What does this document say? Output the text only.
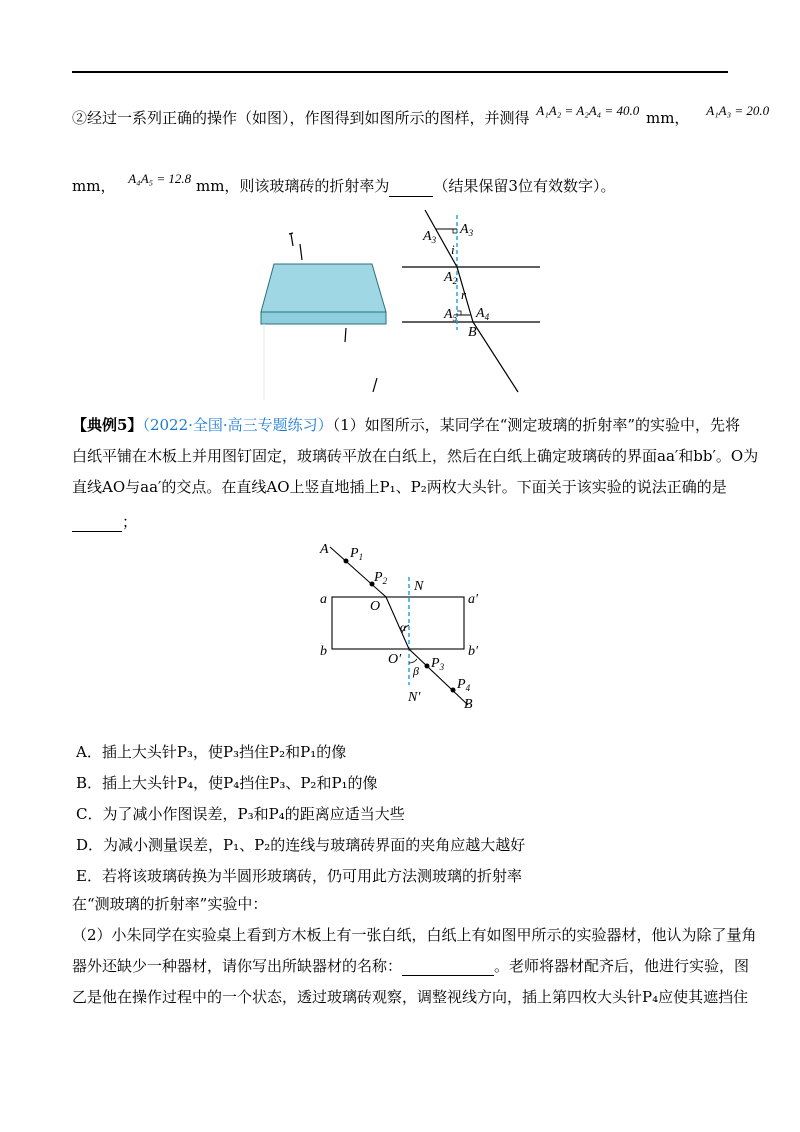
②经过一系列正确的操作（如图），作图得到如图所示的图样，并测得 A₁A₂ = A₂A₄ = 40.0 mm， A₁A₃ = 20.0
mm， A₄A₅ = 12.8 mm，则该玻璃砖的折射率为	（结果保留3位有效数字）。
$A_3$
$A_3$
i
$A_2$
r
$A_5$ $A_4$
B
【典例5】（2022·全国·高三专题练习）（1）如图所示，某同学在“测定玻璃的折射率”的实验中，先将
白纸平铺在木板上并用图钉固定，玻璃砖平放在白纸上，然后在白纸上确定玻璃砖的界面aa′和bb′。O为
直线AO与aa′的交点。在直线AO上竖直地插上P₁、P₂两枚大头针。下面关于该实验的说法正确的是
；
A $P_1$
$P_2$ N
a	a′
O
α
b	b′
O′ $P_3$
β
$P_4$
N′	B
A．插上大头针P₃，使P₃挡住P₂和P₁的像
B．插上大头针P₄，使P₄挡住P₃、P₂和P₁的像
C．为了减小作图误差，P₃和P₄的距离应适当大些
D．为减小测量误差，P₁、P₂的连线与玻璃砖界面的夹角应越大越好
E．若将该玻璃砖换为半圆形玻璃砖，仍可用此方法测玻璃的折射率
在“测玻璃的折射率”实验中：
（2）小朱同学在实验桌上看到方木板上有一张白纸，白纸上有如图甲所示的实验器材，他认为除了量角
器外还缺少一种器材，请你写出所缺器材的名称：	。老师将器材配齐后，他进行实验，图
乙是他在操作过程中的一个状态，透过玻璃砖观察，调整视线方向，插上第四枚大头针P₄应使其遮挡住
